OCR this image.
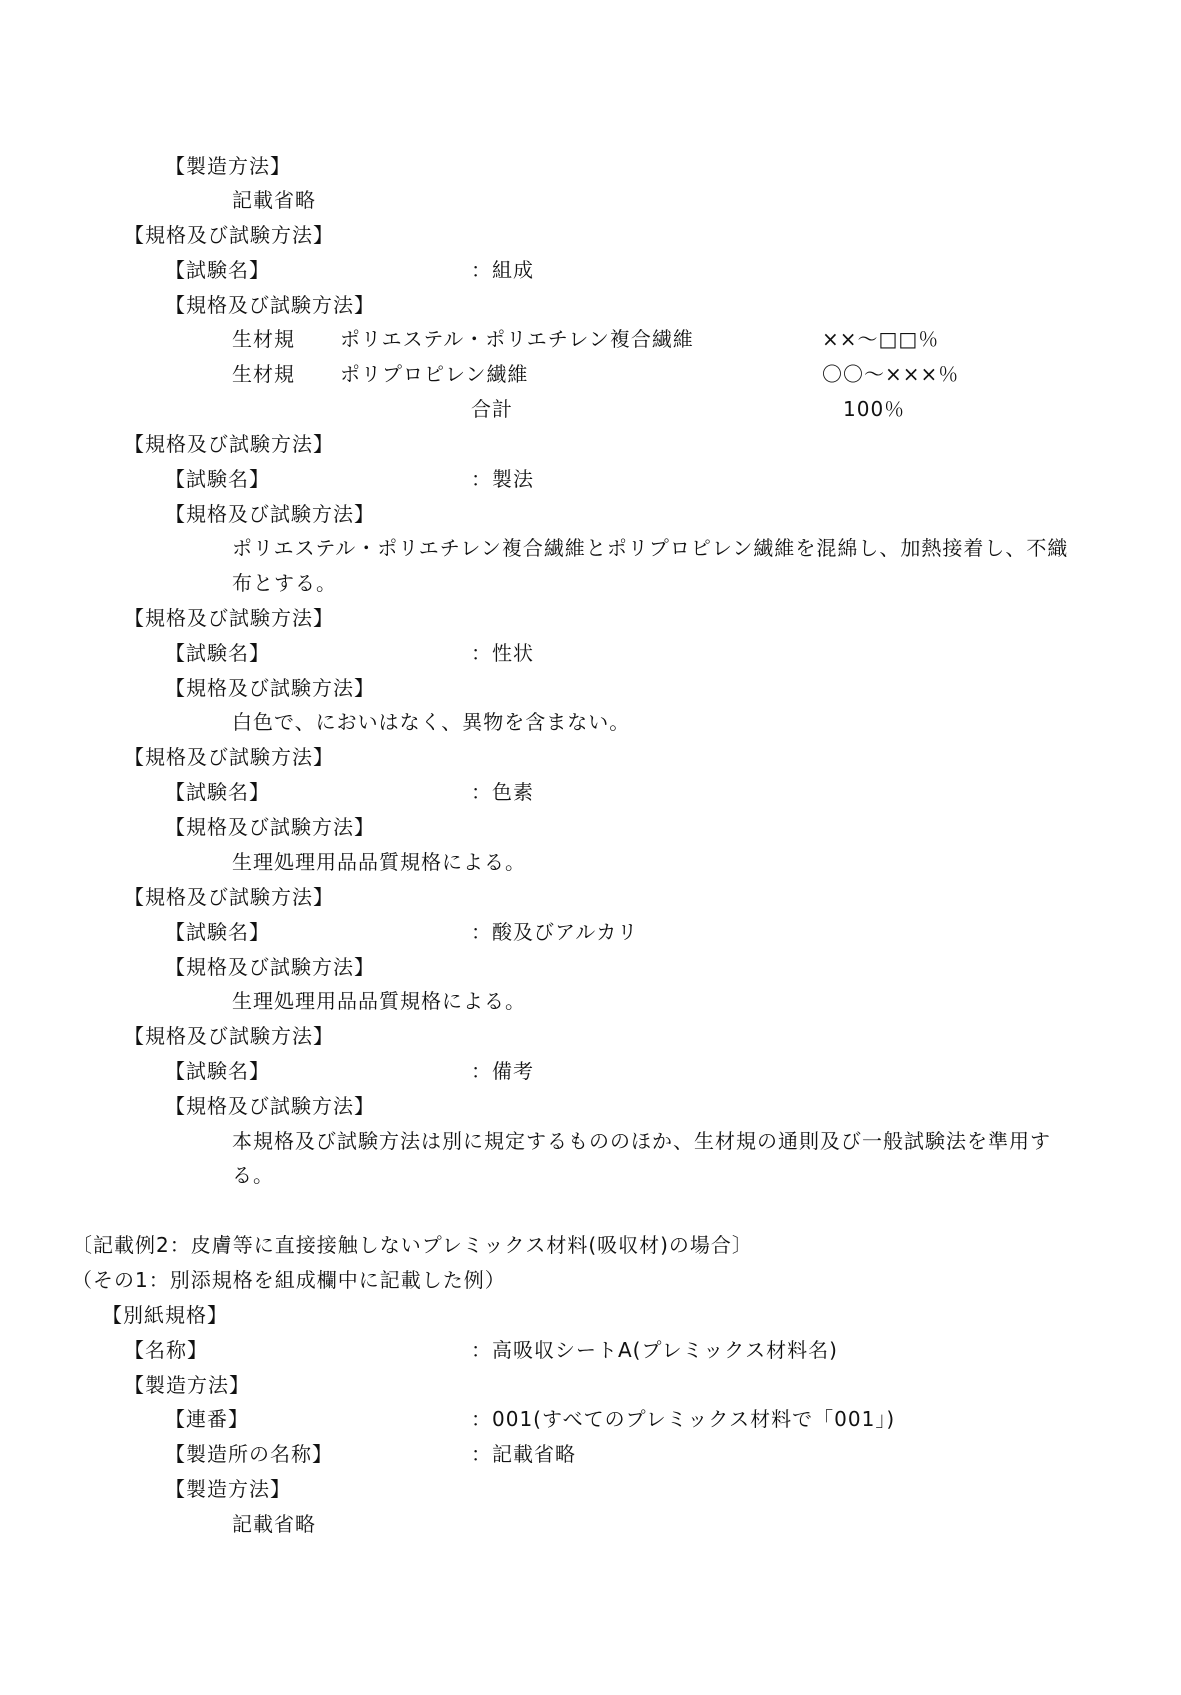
【製造方法】

記載省略

【規格及び試験方法】

【試験名】	：組成

【規格及び試験方法】

生材規 ポリエステル・ポリエチレン複合繊維	××～□□％

生材規 ポリプロピレン繊維	〇〇～×××％

合計	100％

【規格及び試験方法】

【試験名】	：製法

【規格及び試験方法】

ポリエステル・ポリエチレン複合繊維とポリプロピレン繊維を混綿し、加熱接着し、不織

布とする。

【規格及び試験方法】

【試験名】	：性状

【規格及び試験方法】

白色で、においはなく、異物を含まない。

【規格及び試験方法】

【試験名】	：色素

【規格及び試験方法】

生理処理用品品質規格による。

【規格及び試験方法】

【試験名】	：酸及びアルカリ

【規格及び試験方法】

生理処理用品品質規格による。

【規格及び試験方法】

【試験名】	：備考

【規格及び試験方法】

本規格及び試験方法は別に規定するもののほか、生材規の通則及び一般試験法を準用す

る。

〔記載例2：皮膚等に直接接触しないプレミックス材料(吸収材)の場合〕

（その1：別添規格を組成欄中に記載した例）

【別紙規格】

【名称】	：高吸収シートA(プレミックス材料名)

【製造方法】

【連番】	：001(すべてのプレミックス材料で「001」)

【製造所の名称】	：記載省略

【製造方法】

記載省略
